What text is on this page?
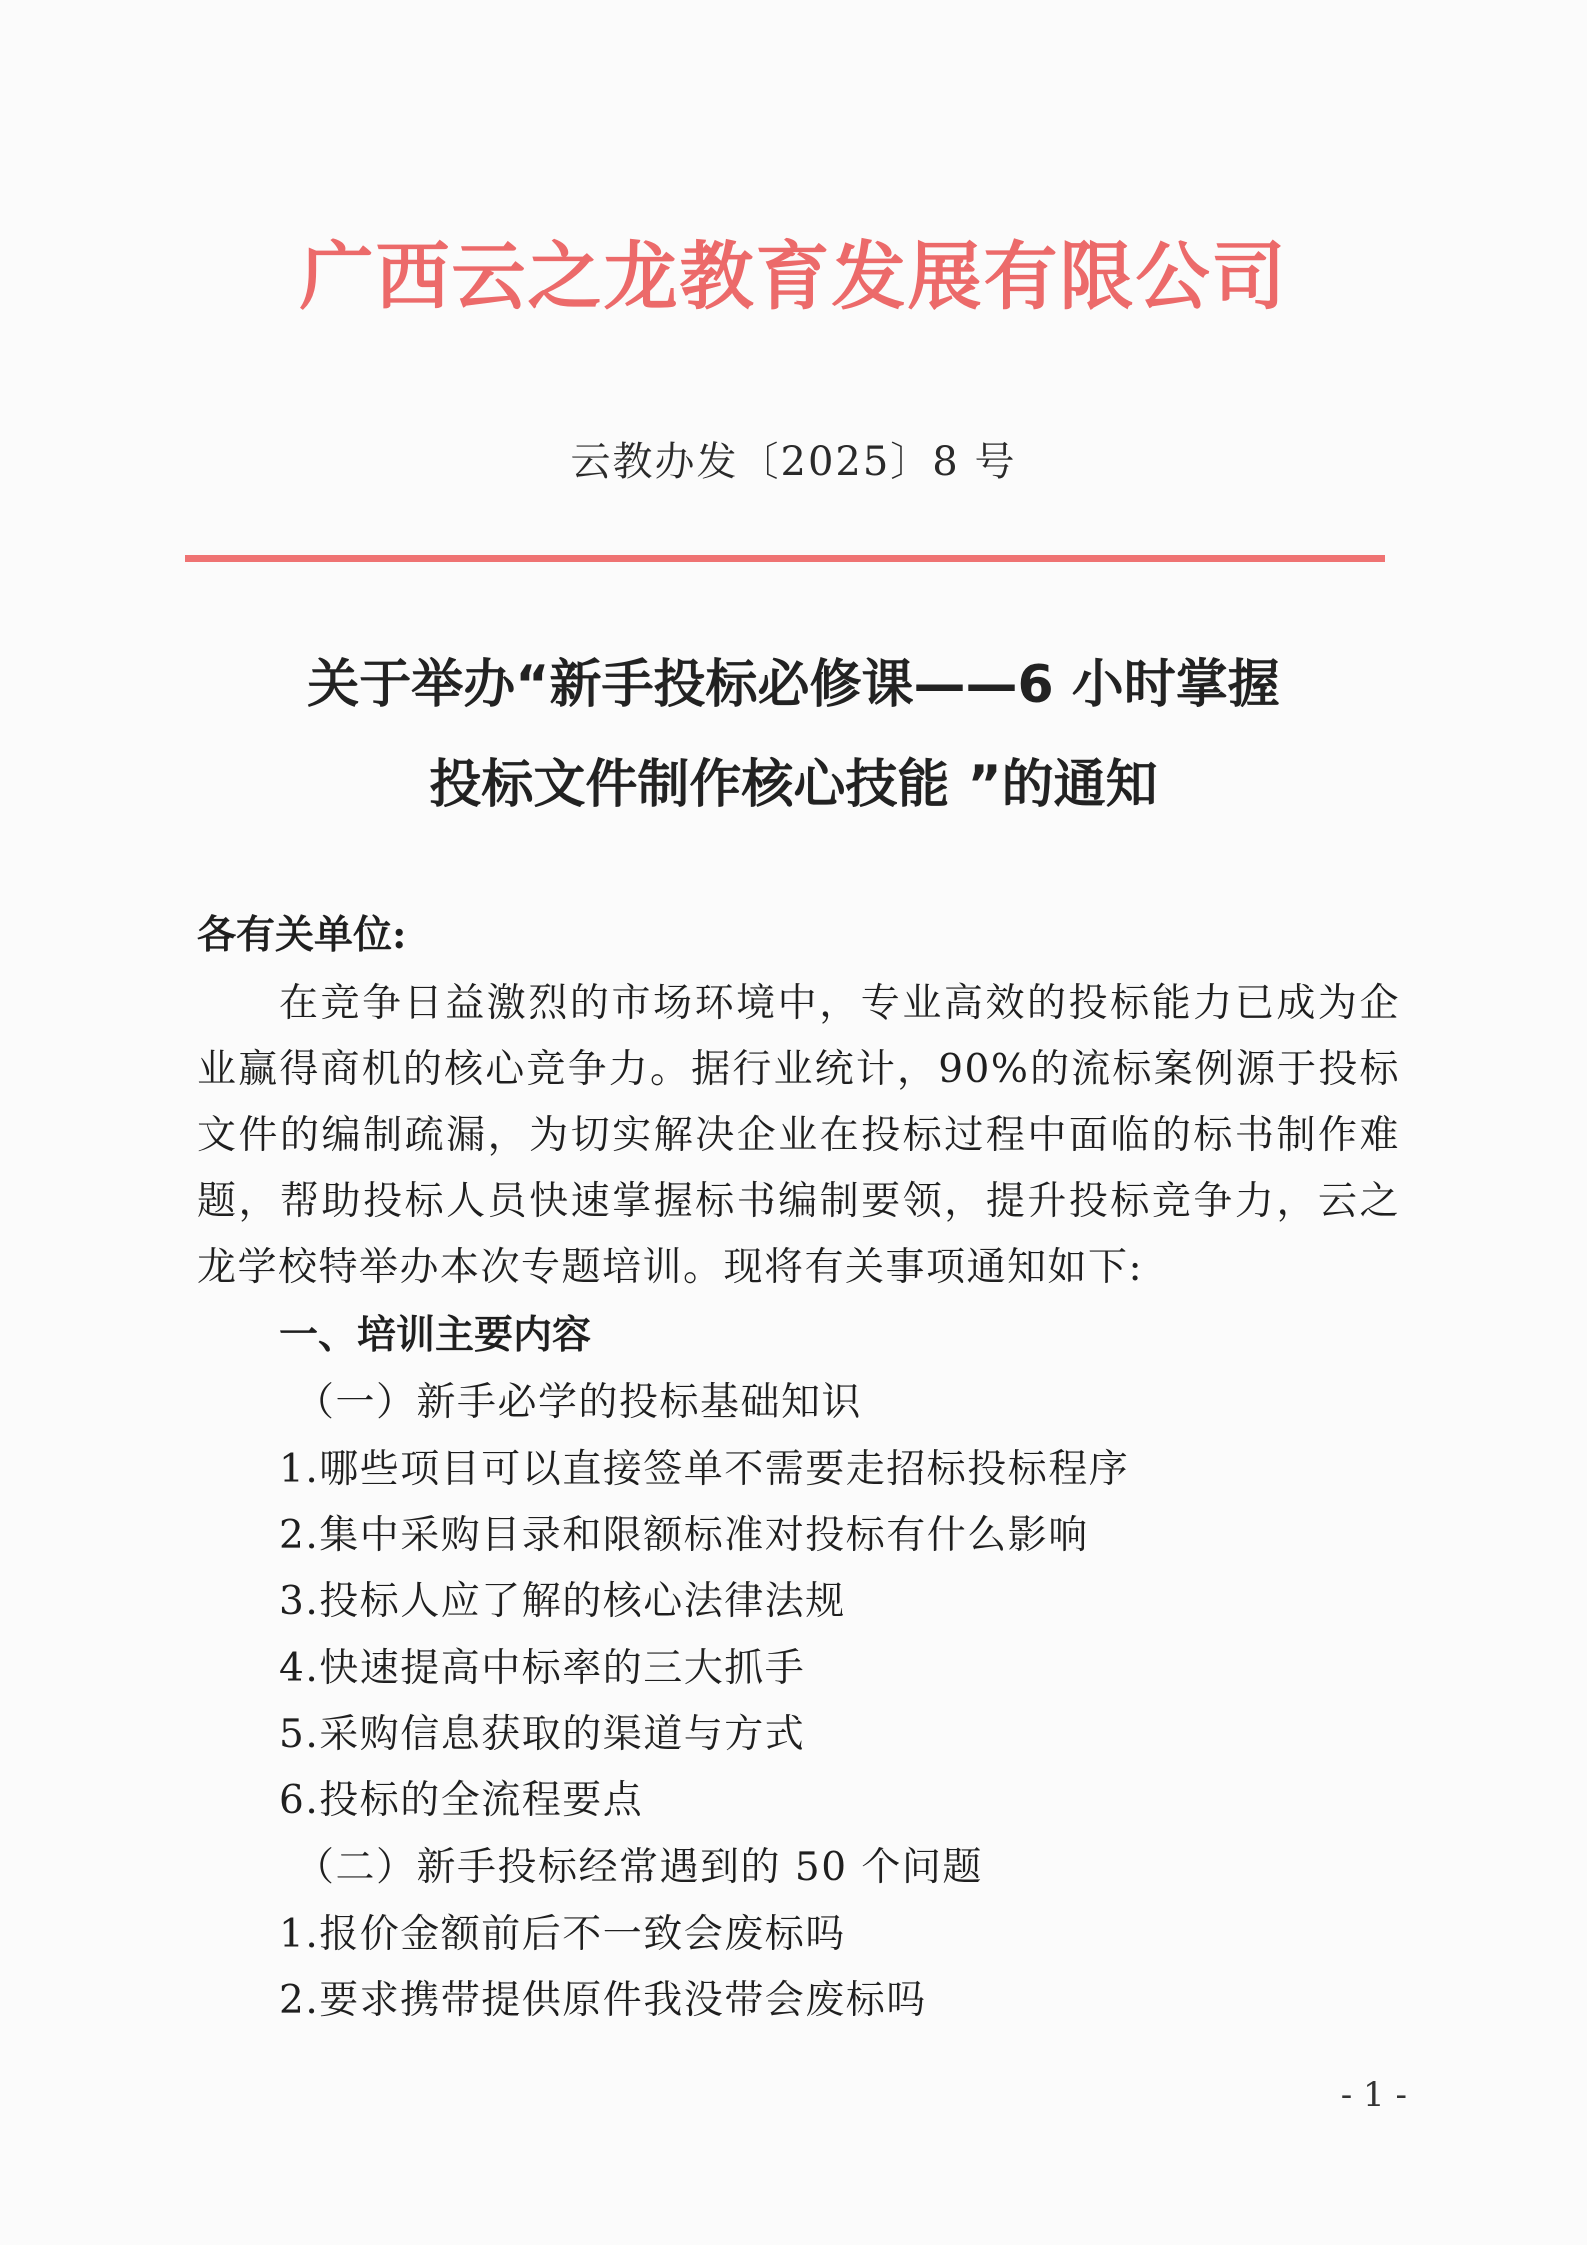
广西云之龙教育发展有限公司
云教办发〔2025〕8 号
关于举办“新手投标必修课——6 小时掌握
投标文件制作核心技能 ”的通知
各有关单位:
在竞争日益激烈的市场环境中，专业高效的投标能力已成为企业赢得商机的核心竞争力。据行业统计，90%的流标案例源于投标文件的编制疏漏，为切实解决企业在投标过程中面临的标书制作难题，帮助投标人员快速掌握标书编制要领，提升投标竞争力，云之龙学校特举办本次专题培训。现将有关事项通知如下:
一、培训主要内容
（一）新手必学的投标基础知识
1.哪些项目可以直接签单不需要走招标投标程序
2.集中采购目录和限额标准对投标有什么影响
3.投标人应了解的核心法律法规
4.快速提高中标率的三大抓手
5.采购信息获取的渠道与方式
6.投标的全流程要点
（二）新手投标经常遇到的 50 个问题
1.报价金额前后不一致会废标吗
2.要求携带提供原件我没带会废标吗
- 1 -
